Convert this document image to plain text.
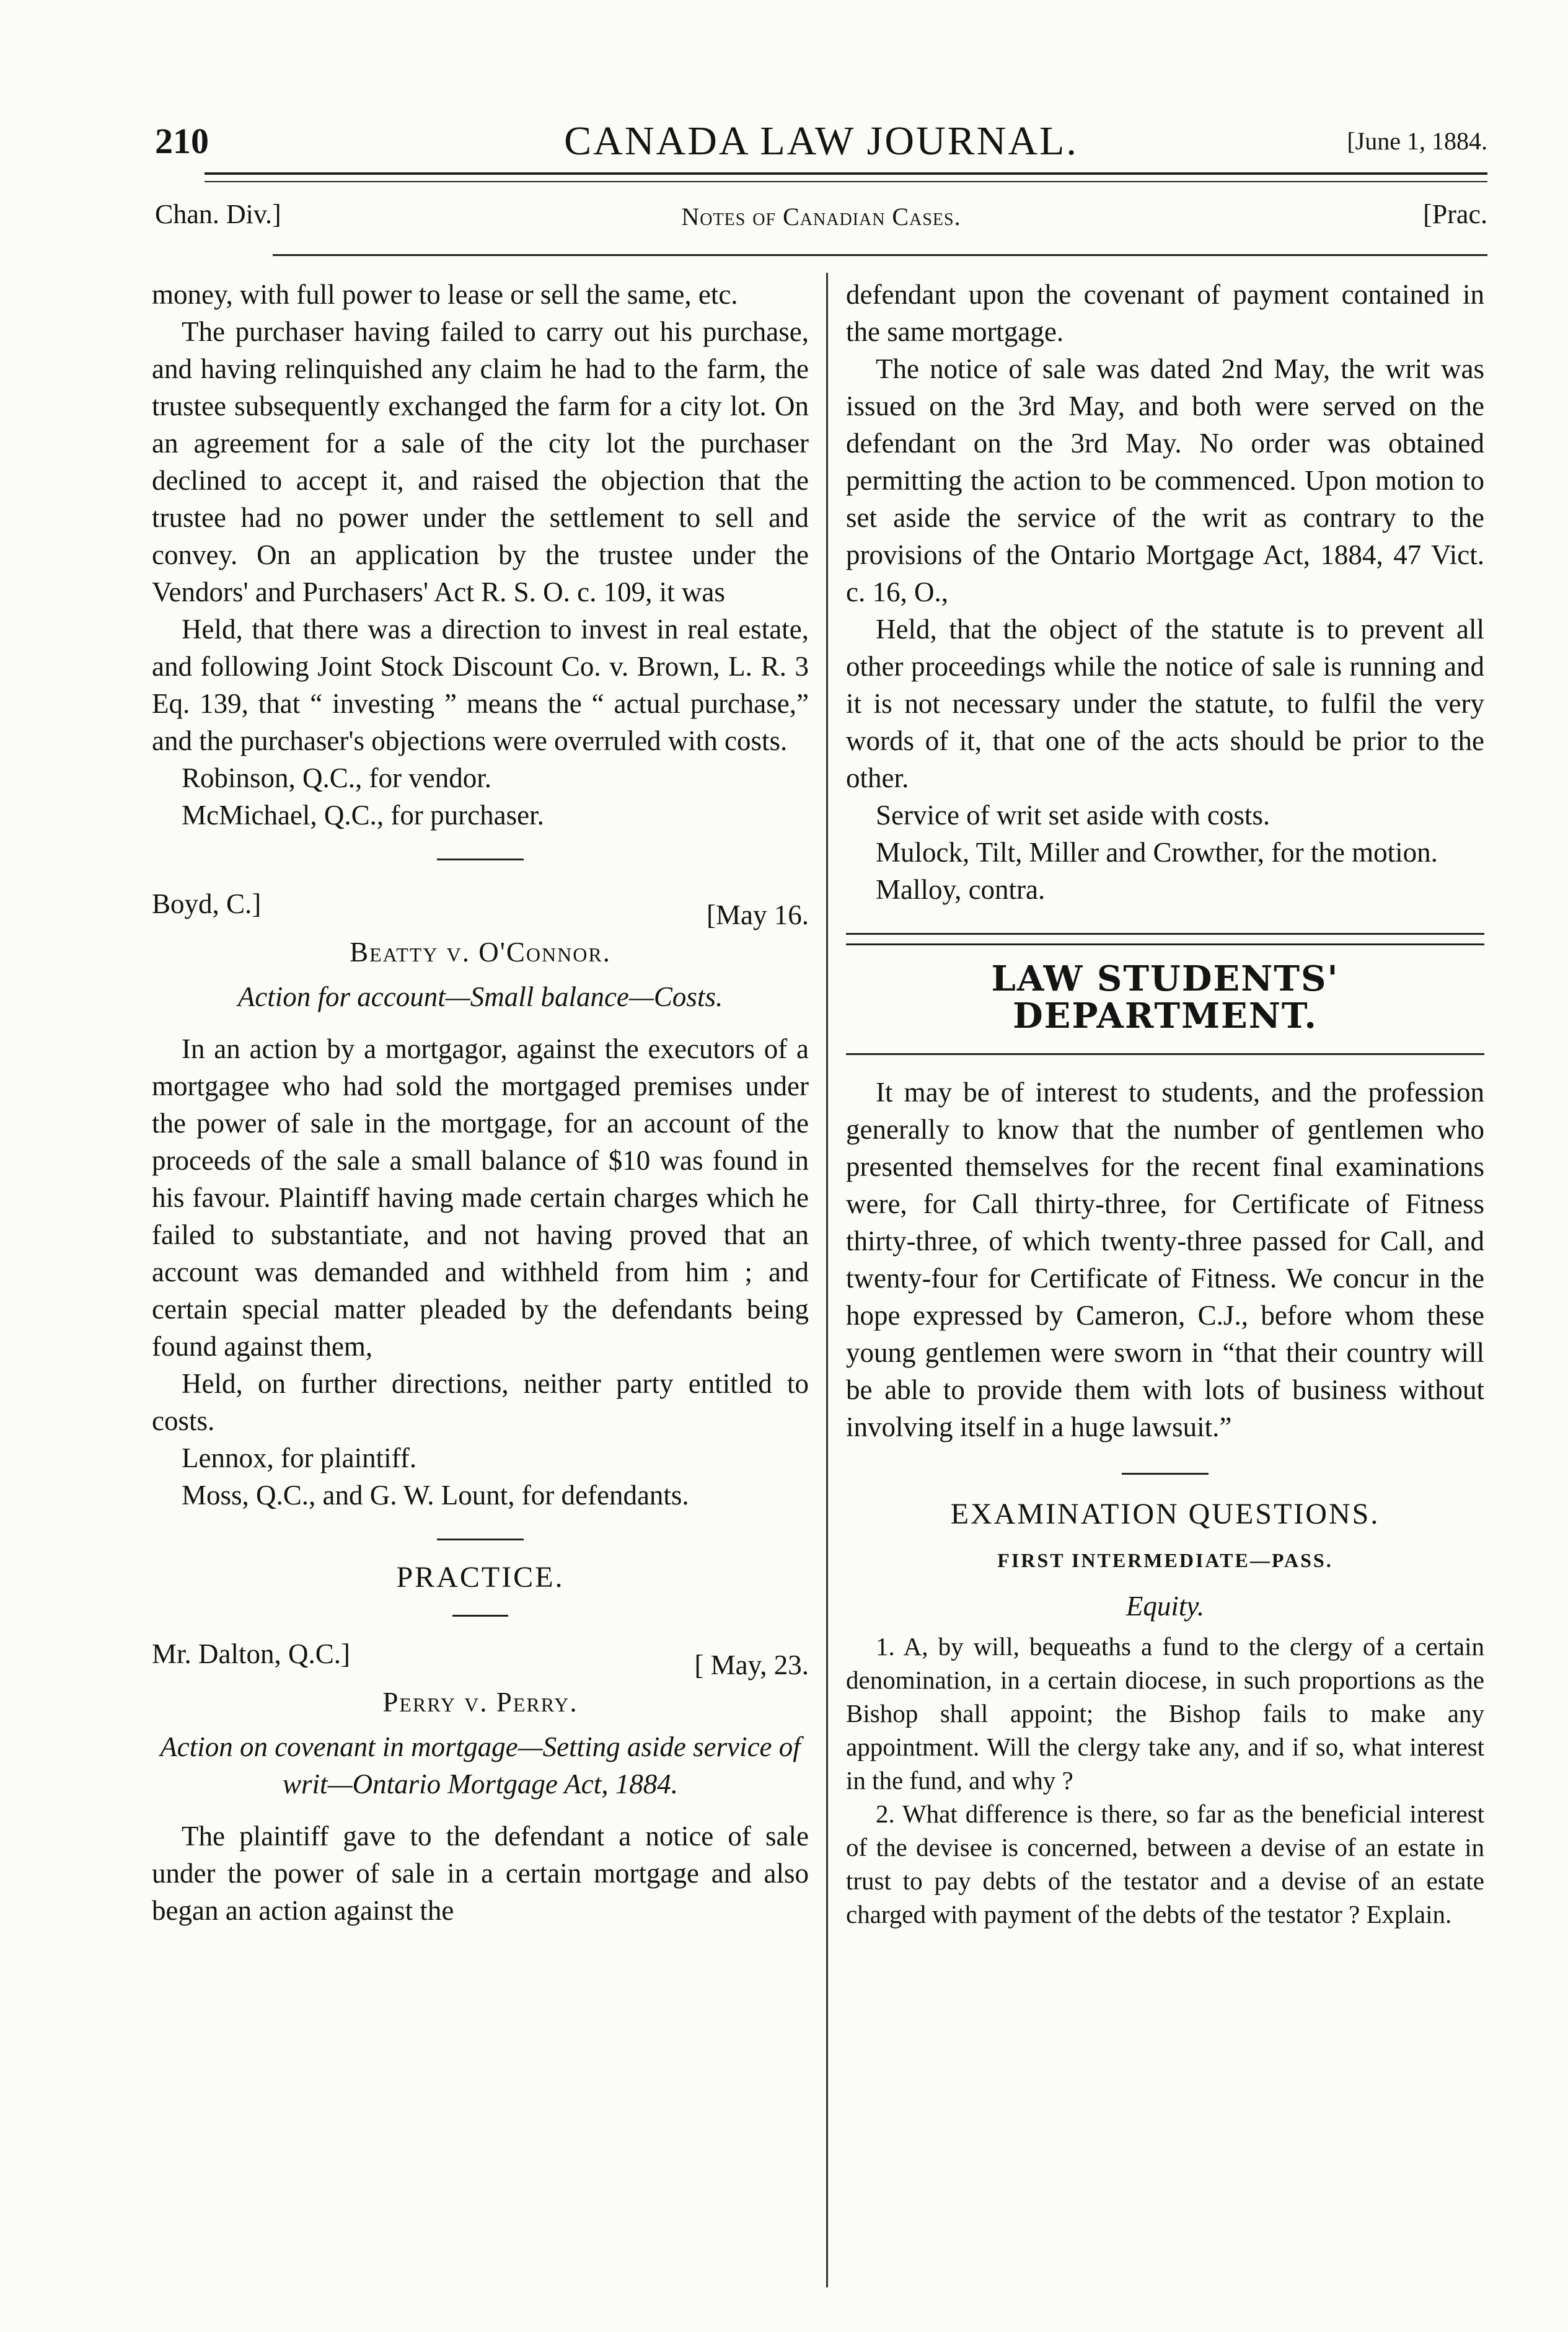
210	CANADA LAW JOURNAL.	[June 1, 1884.
Chan. Div.]	Notes of Canadian Cases.	[Prac.

money, with full power to lease or sell the same, etc.

The purchaser having failed to carry out his purchase, and having relinquished any claim he had to the farm, the trustee subsequently exchanged the farm for a city lot. On an agreement for a sale of the city lot the purchaser declined to accept it, and raised the objection that the trustee had no power under the settlement to sell and convey. On an application by the trustee under the Vendors' and Purchasers' Act R. S. O. c. 109, it was

Held, that there was a direction to invest in real estate, and following Joint Stock Discount Co. v. Brown, L. R. 3 Eq. 139, that “ investing ” means the “ actual purchase,” and the purchaser's objections were overruled with costs.

Robinson, Q.C., for vendor.

McMichael, Q.C., for purchaser.

Boyd, C.]	[May 16.

Beatty v. O'Connor.

Action for account—Small balance—Costs.

In an action by a mortgagor, against the executors of a mortgagee who had sold the mortgaged premises under the power of sale in the mortgage, for an account of the proceeds of the sale a small balance of $10 was found in his favour. Plaintiff having made certain charges which he failed to substantiate, and not having proved that an account was demanded and withheld from him ; and certain special matter pleaded by the defendants being found against them,

Held, on further directions, neither party entitled to costs.

Lennox, for plaintiff.

Moss, Q.C., and G. W. Lount, for defendants.

PRACTICE.

Mr. Dalton, Q.C.]	[ May, 23.

Perry v. Perry.

Action on covenant in mortgage—Setting aside service of writ—Ontario Mortgage Act, 1884.

The plaintiff gave to the defendant a notice of sale under the power of sale in a certain mortgage and also began an action against the

defendant upon the covenant of payment contained in the same mortgage.

The notice of sale was dated 2nd May, the writ was issued on the 3rd May, and both were served on the defendant on the 3rd May. No order was obtained permitting the action to be commenced. Upon motion to set aside the service of the writ as contrary to the provisions of the Ontario Mortgage Act, 1884, 47 Vict. c. 16, O.,

Held, that the object of the statute is to prevent all other proceedings while the notice of sale is running and it is not necessary under the statute, to fulfil the very words of it, that one of the acts should be prior to the other.

Service of writ set aside with costs.

Mulock, Tilt, Miller and Crowther, for the motion.

Malloy, contra.

LAW STUDENTS' DEPARTMENT.

It may be of interest to students, and the profession generally to know that the number of gentlemen who presented themselves for the recent final examinations were, for Call thirty-three, for Certificate of Fitness thirty-three, of which twenty-three passed for Call, and twenty-four for Certificate of Fitness. We concur in the hope expressed by Cameron, C.J., before whom these young gentlemen were sworn in “that their country will be able to provide them with lots of business without involving itself in a huge lawsuit.”

EXAMINATION QUESTIONS.

FIRST INTERMEDIATE—PASS.

Equity.

1. A, by will, bequeaths a fund to the clergy of a certain denomination, in a certain diocese, in such proportions as the Bishop shall appoint; the Bishop fails to make any appointment. Will the clergy take any, and if so, what interest in the fund, and why ?

2. What difference is there, so far as the beneficial interest of the devisee is concerned, between a devise of an estate in trust to pay debts of the testator and a devise of an estate charged with payment of the debts of the testator ? Explain.
